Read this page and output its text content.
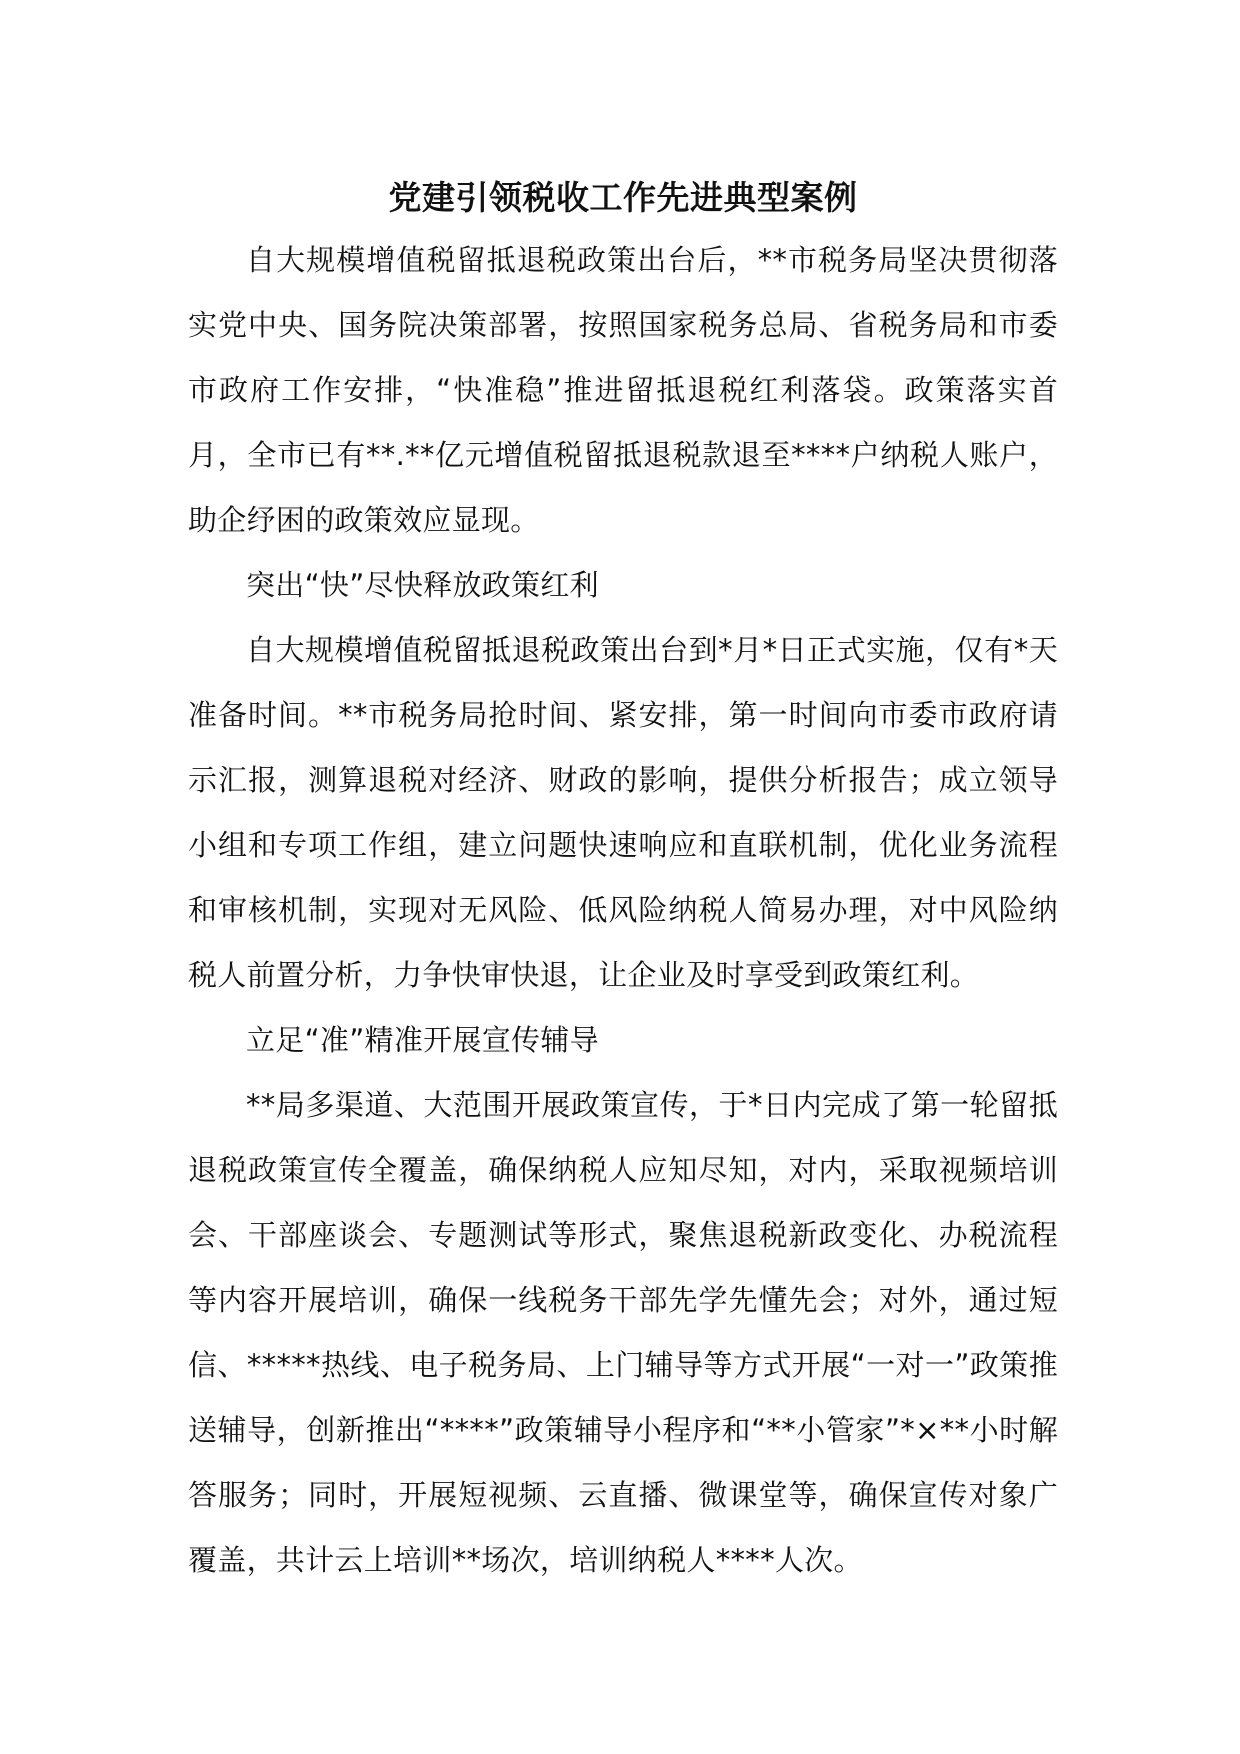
党建引领税收工作先进典型案例

自大规模增值税留抵退税政策出台后，**市税务局坚决贯彻落实党中央、国务院决策部署，按照国家税务总局、省税务局和市委市政府工作安排，“快准稳”推进留抵退税红利落袋。政策落实首月，全市已有**.**亿元增值税留抵退税款退至****户纳税人账户，助企纾困的政策效应显现。

突出“快”尽快释放政策红利

自大规模增值税留抵退税政策出台到*月*日正式实施，仅有*天准备时间。**市税务局抢时间、紧安排，第一时间向市委市政府请示汇报，测算退税对经济、财政的影响，提供分析报告；成立领导小组和专项工作组，建立问题快速响应和直联机制，优化业务流程和审核机制，实现对无风险、低风险纳税人简易办理，对中风险纳税人前置分析，力争快审快退，让企业及时享受到政策红利。

立足“准”精准开展宣传辅导

**局多渠道、大范围开展政策宣传，于*日内完成了第一轮留抵退税政策宣传全覆盖，确保纳税人应知尽知，对内，采取视频培训会、干部座谈会、专题测试等形式，聚焦退税新政变化、办税流程等内容开展培训，确保一线税务干部先学先懂先会；对外，通过短信、*****热线、电子税务局、上门辅导等方式开展“一对一”政策推送辅导，创新推出“****”政策辅导小程序和“**小管家”*×**小时解答服务；同时，开展短视频、云直播、微课堂等，确保宣传对象广覆盖，共计云上培训**场次，培训纳税人****人次。
